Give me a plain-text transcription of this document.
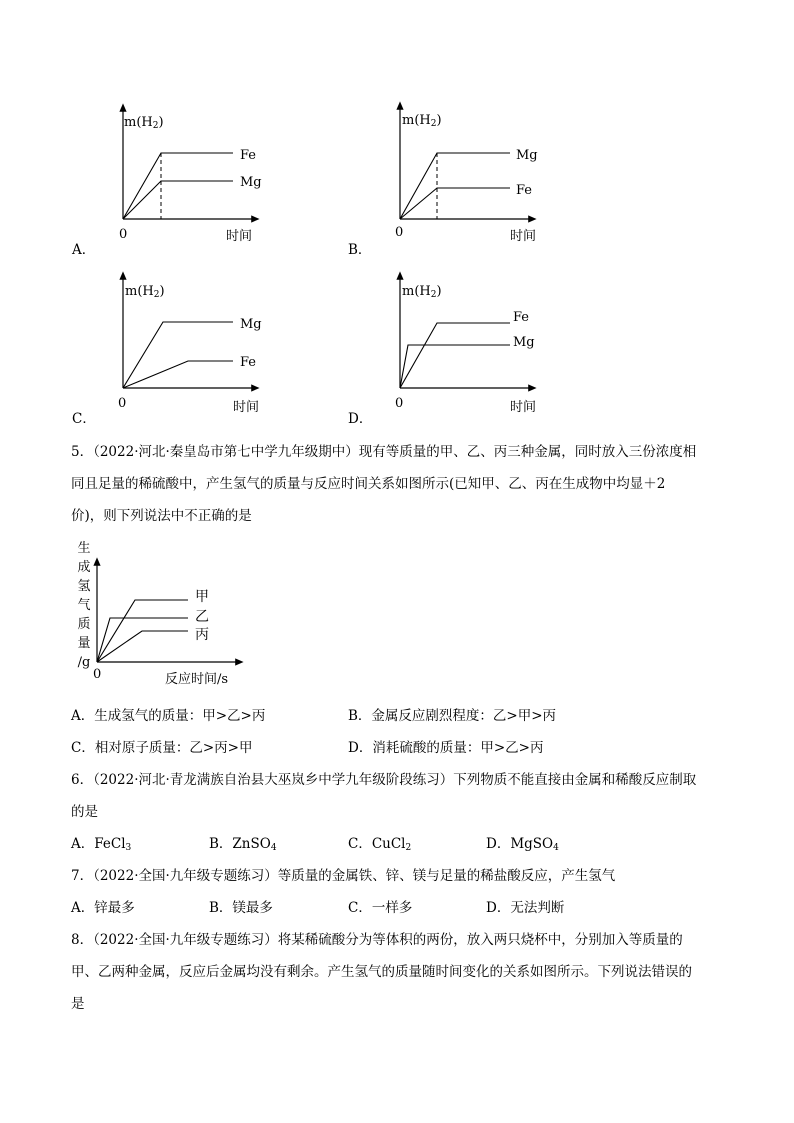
$m(H_2)$
Fe
Mg
0	时间
A．
$m(H_2)$
Mg
Fe
0	时间
B．
$m(H_2)$
Mg
Fe
0	时间
C．
$m(H_2)$
Fe
Mg
0	时间
D．
5．（2022·河北·秦皇岛市第七中学九年级期中）现有等质量的甲、乙、丙三种金属，同时放入三份浓度相
同且足量的稀硫酸中，产生氢气的质量与反应时间关系如图所示(已知甲、乙、丙在生成物中均显＋2
价)，则下列说法中不正确的是
生
成
氢
气
质
量
/g
甲
乙
丙
0	反应时间/s
A．生成氢气的质量：甲>乙>丙	B．金属反应剧烈程度：乙>甲>丙
C．相对原子质量：乙>丙>甲	D．消耗硫酸的质量：甲>乙>丙
6．（2022·河北·青龙满族自治县大巫岚乡中学九年级阶段练习）下列物质不能直接由金属和稀酸反应制取
的是
A．FeCl$_3$	B．ZnSO$_4$	C．CuCl$_2$	D．MgSO$_4$
7．（2022·全国·九年级专题练习）等质量的金属铁、锌、镁与足量的稀盐酸反应，产生氢气
A．锌最多	B．镁最多	C．一样多	D．无法判断
8．（2022·全国·九年级专题练习）将某稀硫酸分为等体积的两份，放入两只烧杯中，分别加入等质量的
甲、乙两种金属，反应后金属均没有剩余。产生氢气的质量随时间变化的关系如图所示。下列说法错误的
是
